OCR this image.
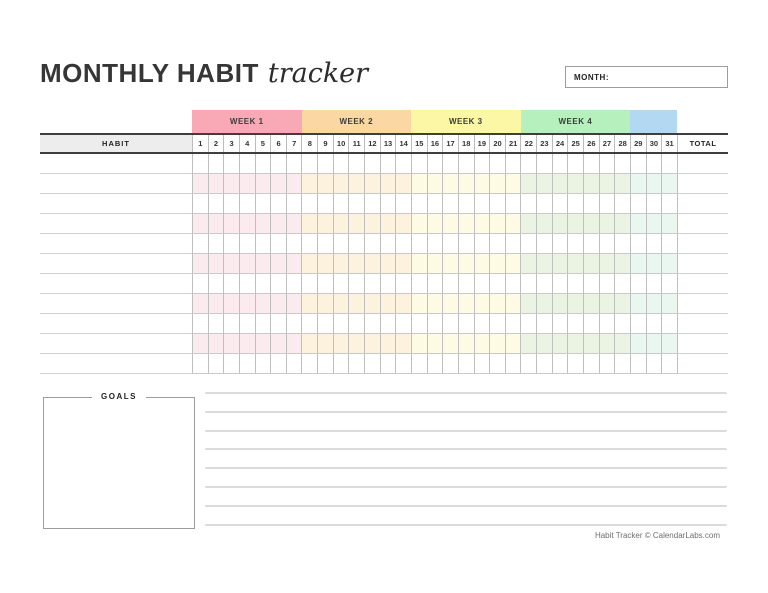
MONTHLY HABIT tracker	MONTH:
WEEK 1	WEEK 2	WEEK 3	WEEK 4
HABIT	1	2	3	4	5	6	7	8	9	10	11	12 13 14 15 16 17 18 19 20 21 22 23 24 25 26 27 28 29 30 31	TOTAL
GOALS
Habit Tracker © CalendarLabs.com
